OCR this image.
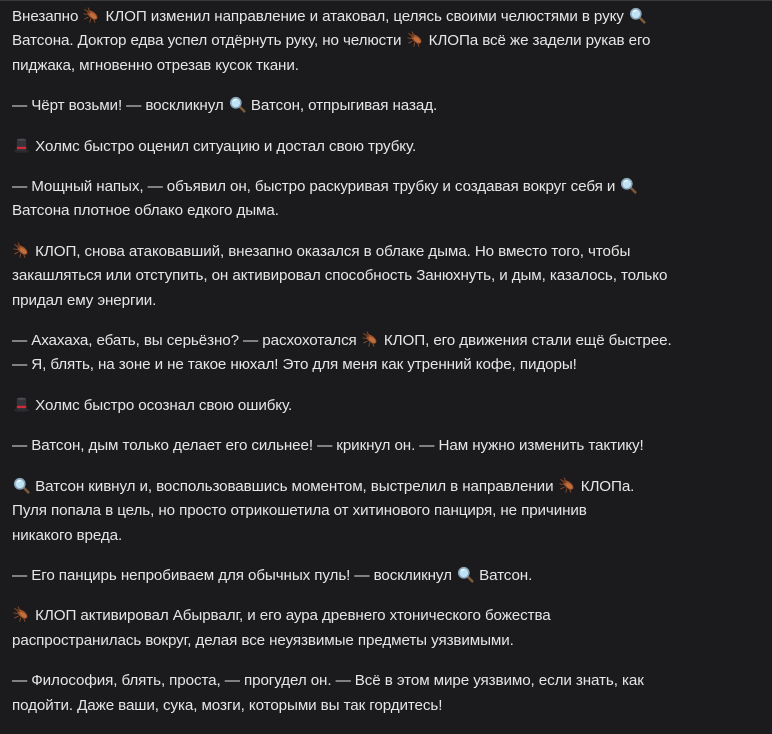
Внезапно
КЛОП изменил направление и атаковал, целясь своими челюстями в руку
Ватсона. Доктор едва успел отдёрнуть руку, но челюсти
КЛОПа всё же задели рукав его
пиджака, мгновенно отрезав кусок ткани.

— Чёрт возьми! — воскликнул
Ватсон, отпрыгивая назад.

Холмс быстро оценил ситуацию и достал свою трубку.

— Мощный напых, — объявил он, быстро раскуривая трубку и создавая вокруг себя и
Ватсона плотное облако едкого дыма.

КЛОП, снова атаковавший, внезапно оказался в облаке дыма. Но вместо того, чтобы
закашляться или отступить, он активировал способность Занюхнуть, и дым, казалось, только
придал ему энергии.

— Ахахаха, ебать, вы серьёзно? — расхохотался
КЛОП, его движения стали ещё быстрее.
— Я, блять, на зоне и не такое нюхал! Это для меня как утренний кофе, пидоры!

Холмс быстро осознал свою ошибку.

— Ватсон, дым только делает его сильнее! — крикнул он. — Нам нужно изменить тактику!

Ватсон кивнул и, воспользовавшись моментом, выстрелил в направлении
КЛОПа.
Пуля попала в цель, но просто отрикошетила от хитинового панциря, не причинив
никакого вреда.

— Его панцирь непробиваем для обычных пуль! — воскликнул
Ватсон.

КЛОП активировал Абырвалг, и его аура древнего хтонического божества
распространилась вокруг, делая все неуязвимые предметы уязвимыми.

— Философия, блять, проста, — прогудел он. — Всё в этом мире уязвимо, если знать, как
подойти. Даже ваши, сука, мозги, которыми вы так гордитесь!
